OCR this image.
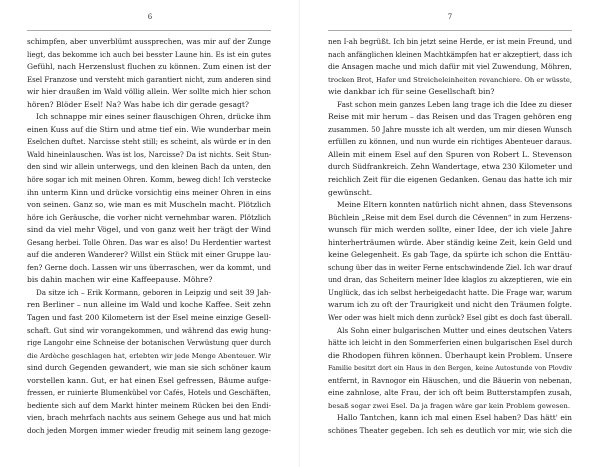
6
schimpfen, aber unverblümt aussprechen, was mir auf der Zunge
liegt, das bekomme ich auch bei besster Laune hin. Es ist ein gutes
Gefühl, nach Herzenslust fluchen zu können. Zum einen ist der
Esel Franzose und versteht mich garantiert nicht, zum anderen sind
wir hier draußen im Wald völlig allein. Wer sollte mich hier schon
hören? Blöder Esel! Na? Was habe ich dir gerade gesagt?
Ich schnappe mir eines seiner flauschigen Ohren, drücke ihm
einen Kuss auf die Stirn und atme tief ein. Wie wunderbar mein
Eselchen duftet. Narcisse steht still; es scheint, als würde er in den
Wald hineinlauschen. Was ist los, Narcisse? Da ist nichts. Seit Stun-
den sind wir allein unterwegs, und den kleinen Bach da unten, den
höre sogar ich mit meinen Ohren. Komm, beweg dich! Ich verstecke
ihn unterm Kinn und drücke vorsichtig eins meiner Ohren in eins
von seinen. Ganz so, wie man es mit Muscheln macht. Plötzlich
höre ich Geräusche, die vorher nicht vernehmbar waren. Plötzlich
sind da viel mehr Vögel, und von ganz weit her trägt der Wind
Gesang herbei. Tolle Ohren. Das war es also! Du Herdentier wartest
auf die anderen Wanderer? Willst ein Stück mit einer Gruppe lau-
fen? Gerne doch. Lassen wir uns überraschen, wer da kommt, und
bis dahin machen wir eine Kaffeepause. Möhre?
Da sitze ich – Erik Kormann, geboren in Leipzig und seit 39 Jah-
ren Berliner – nun alleine im Wald und koche Kaffee. Seit zehn
Tagen und fast 200 Kilometern ist der Esel meine einzige Gesell-
schaft. Gut sind wir vorangekommen, und während das ewig hung-
rige Langohr eine Schneise der botanischen Verwüstung quer durch
die Ardèche geschlagen hat, erlebten wir jede Menge Abenteuer. Wir
sind durch Gegenden gewandert, wie man sie sich schöner kaum
vorstellen kann. Gut, er hat einen Esel gefressen, Bäume aufge-
fressen, er ruinierte Blumenkübel vor Cafés, Hotels und Geschäften,
bediente sich auf dem Markt hinter meinem Rücken bei den Endi-
vien, brach mehrfach nachts aus seinem Gehege aus und hat mich
doch jeden Morgen immer wieder freudig mit seinem lang gezoge-
7
nen I-ah begrüßt. Ich bin jetzt seine Herde, er ist mein Freund, und
nach anfänglichen kleinen Machtkämpfen hat er akzeptiert, dass ich
die Ansagen mache und mich dafür mit viel Zuwendung, Möhren,
trocken Brot, Hafer und Streicheleinheiten revanchiere. Oh er wüsste,
wie dankbar ich für seine Gesellschaft bin?
Fast schon mein ganzes Leben lang trage ich die Idee zu dieser
Reise mit mir herum – das Reisen und das Tragen gehören eng
zusammen. 50 Jahre musste ich alt werden, um mir diesen Wunsch
erfüllen zu können, und nun wurde ein richtiges Abenteuer daraus.
Allein mit einem Esel auf den Spuren von Robert L. Stevenson
durch Südfrankreich. Zehn Wandertage, etwa 230 Kilometer und
reichlich Zeit für die eigenen Gedanken. Genau das hatte ich mir
gewünscht.
Meine Eltern konnten natürlich nicht ahnen, dass Stevensons
Büchlein „Reise mit dem Esel durch die Cévennen“ in zum Herzens-
wunsch für mich werden sollte, einer Idee, der ich viele Jahre
hinterherträumen würde. Aber ständig keine Zeit, kein Geld und
keine Gelegenheit. Es gab Tage, da spürte ich schon die Enttäu-
schung über das in weiter Ferne entschwindende Ziel. Ich war drauf
und dran, das Scheitern meiner Idee klaglos zu akzeptieren, wie ein
Unglück, das ich selbst herbeigedacht hatte. Die Frage war, warum
warum ich zu oft der Traurigkeit und nicht den Träumen folgte.
Wer oder was hielt mich denn zurück? Esel gibt es doch fast überall.
Als Sohn einer bulgarischen Mutter und eines deutschen Vaters
hätte ich leicht in den Sommerferien einen bulgarischen Esel durch
die Rhodopen führen können. Überhaupt kein Problem. Unsere
Familie besitzt dort ein Haus in den Bergen, keine Autostunde von Plovdiv
entfernt, in Ravnogor ein Häuschen, und die Bäuerin von nebenan,
eine zahnlose, alte Frau, der ich oft beim Butterstampfen zusah,
besaß sogar zwei Esel. Da ja fragen wäre gar kein Problem gewesen.
Hallo Tantchen, kann ich mal einen Esel haben? Das hätt' ein
schönes Theater gegeben. Ich seh es deutlich vor mir, wie sich die
